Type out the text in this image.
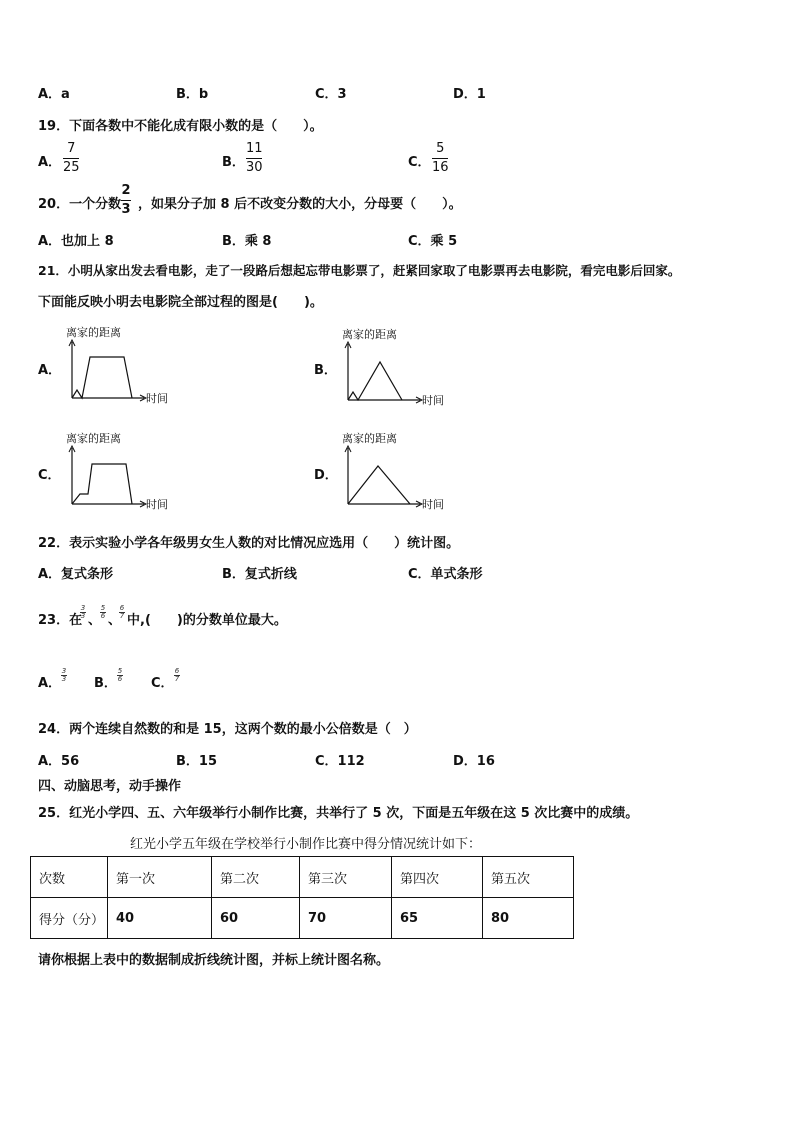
A．a	B．b	C．3	D．1
19．下面各数中不能化成有限小数的是（　　）。
A．
7
25	B．
11
30	C．
5
16
20．一个分数
2
3 ，如果分子加 8 后不改变分数的大小，分母要（　　）。
A．也加上 8	B．乘 8	C．乘 5
21．小明从家出发去看电影，走了一段路后想起忘带电影票了，赶紧回家取了电影票再去电影院，看完电影后回家。
下面能反映小明去电影院全部过程的图是(　　)。
A．
离家的距离
时间
B．
离家的距离
时间
C．
离家的距离
时间
D．
离家的距离
时间
22．表示实验小学各年级男女生人数的对比情况应选用（　　）统计图。
A．复式条形	B．复式折线	C．单式条形
23．在
3
3 、
5
6 、
6
7 中,(　　)的分数单位最大。
A．
3
3 B．
5
6 C．
6
7
24．两个连续自然数的和是 15，这两个数的最小公倍数是（　）
A．56	B．15	C．112	D．16
四、动脑思考，动手操作
25．红光小学四、五、六年级举行小制作比赛，共举行了 5 次，下面是五年级在这 5 次比赛中的成绩。
红光小学五年级在学校举行小制作比赛中得分情况统计如下：
次数	第一次	第二次	第三次	第四次	第五次
得分（分）	40	60	70	65	80
请你根据上表中的数据制成折线统计图，并标上统计图名称。
